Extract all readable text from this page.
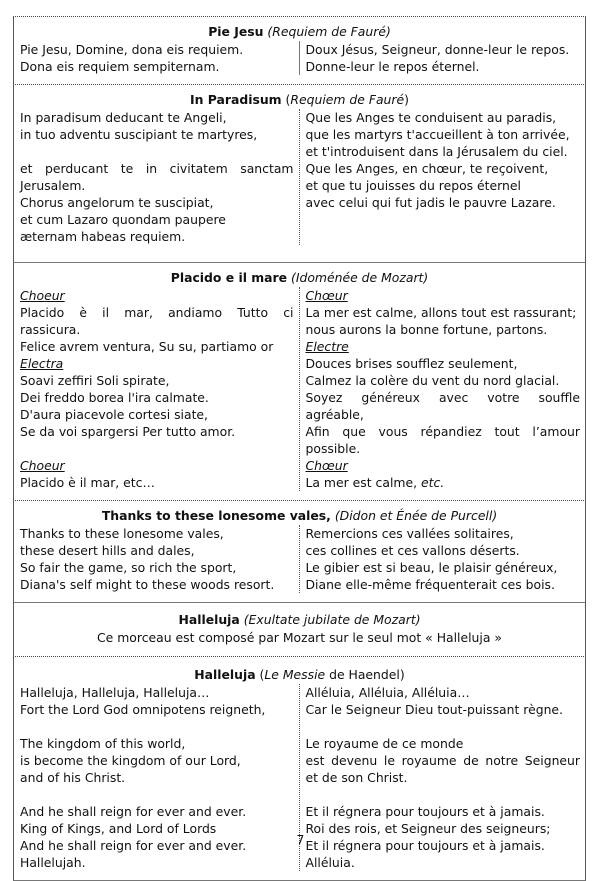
Pie Jesu (Requiem de Fauré)
Pie Jesu, Domine, dona eis requiem.
Dona eis requiem sempiternam.
Doux Jésus, Seigneur, donne-leur le repos.
Donne-leur le repos éternel.
In Paradisum (Requiem de Fauré)
In paradisum deducant te Angeli,
in tuo adventu suscipiant te martyres,
et perducant te in civitatem sanctam
Jerusalem.
Chorus angelorum te suscipiat,
et cum Lazaro quondam paupere
æternam habeas requiem.
Que les Anges te conduisent au paradis,
que les martyrs t'accueillent à ton arrivée,
et t'introduisent dans la Jérusalem du ciel.
Que les Anges, en chœur, te reçoivent,
et que tu jouisses du repos éternel
avec celui qui fut jadis le pauvre Lazare.
Placido e il mare (Idoménée de Mozart)
Choeur
Placido è il mar, andiamo Tutto ci
rassicura.
Felice avrem ventura, Su su, partiamo or
Electra
Soavi zeffiri Soli spirate,
Dei freddo borea l'ira calmate.
D'aura piacevole cortesi siate,
Se da voi spargersi Per tutto amor.
Choeur
Placido è il mar, etc…
Chœur
La mer est calme, allons tout est rassurant;
nous aurons la bonne fortune, partons.
Electre
Douces brises soufflez seulement,
Calmez la colère du vent du nord glacial.
Soyez généreux avec votre souffle
agréable,
Afin que vous répandiez tout l’amour
possible.
Chœur
La mer est calme, etc.
Thanks to these lonesome vales, (Didon et Énée de Purcell)
Thanks to these lonesome vales,
these desert hills and dales,
So fair the game, so rich the sport,
Diana's self might to these woods resort.
Remercions ces vallées solitaires,
ces collines et ces vallons déserts.
Le gibier est si beau, le plaisir généreux,
Diane elle-même fréquenterait ces bois.
Halleluja (Exultate jubilate de Mozart)
Ce morceau est composé par Mozart sur le seul mot « Halleluja »
Halleluja (Le Messie de Haendel)
Halleluja, Halleluja, Halleluja…
Fort the Lord God omnipotens reigneth,
The kingdom of this world,
is become the kingdom of our Lord,
and of his Christ.
And he shall reign for ever and ever.
King of Kings, and Lord of Lords
And he shall reign for ever and ever.
Hallelujah.
Alléluia, Alléluia, Alléluia…
Car le Seigneur Dieu tout-puissant règne.
Le royaume de ce monde
est devenu le royaume de notre Seigneur
et de son Christ.
Et il régnera pour toujours et à jamais.
Roi des rois, et Seigneur des seigneurs;
Et il régnera pour toujours et à jamais.
Alléluia.
7
